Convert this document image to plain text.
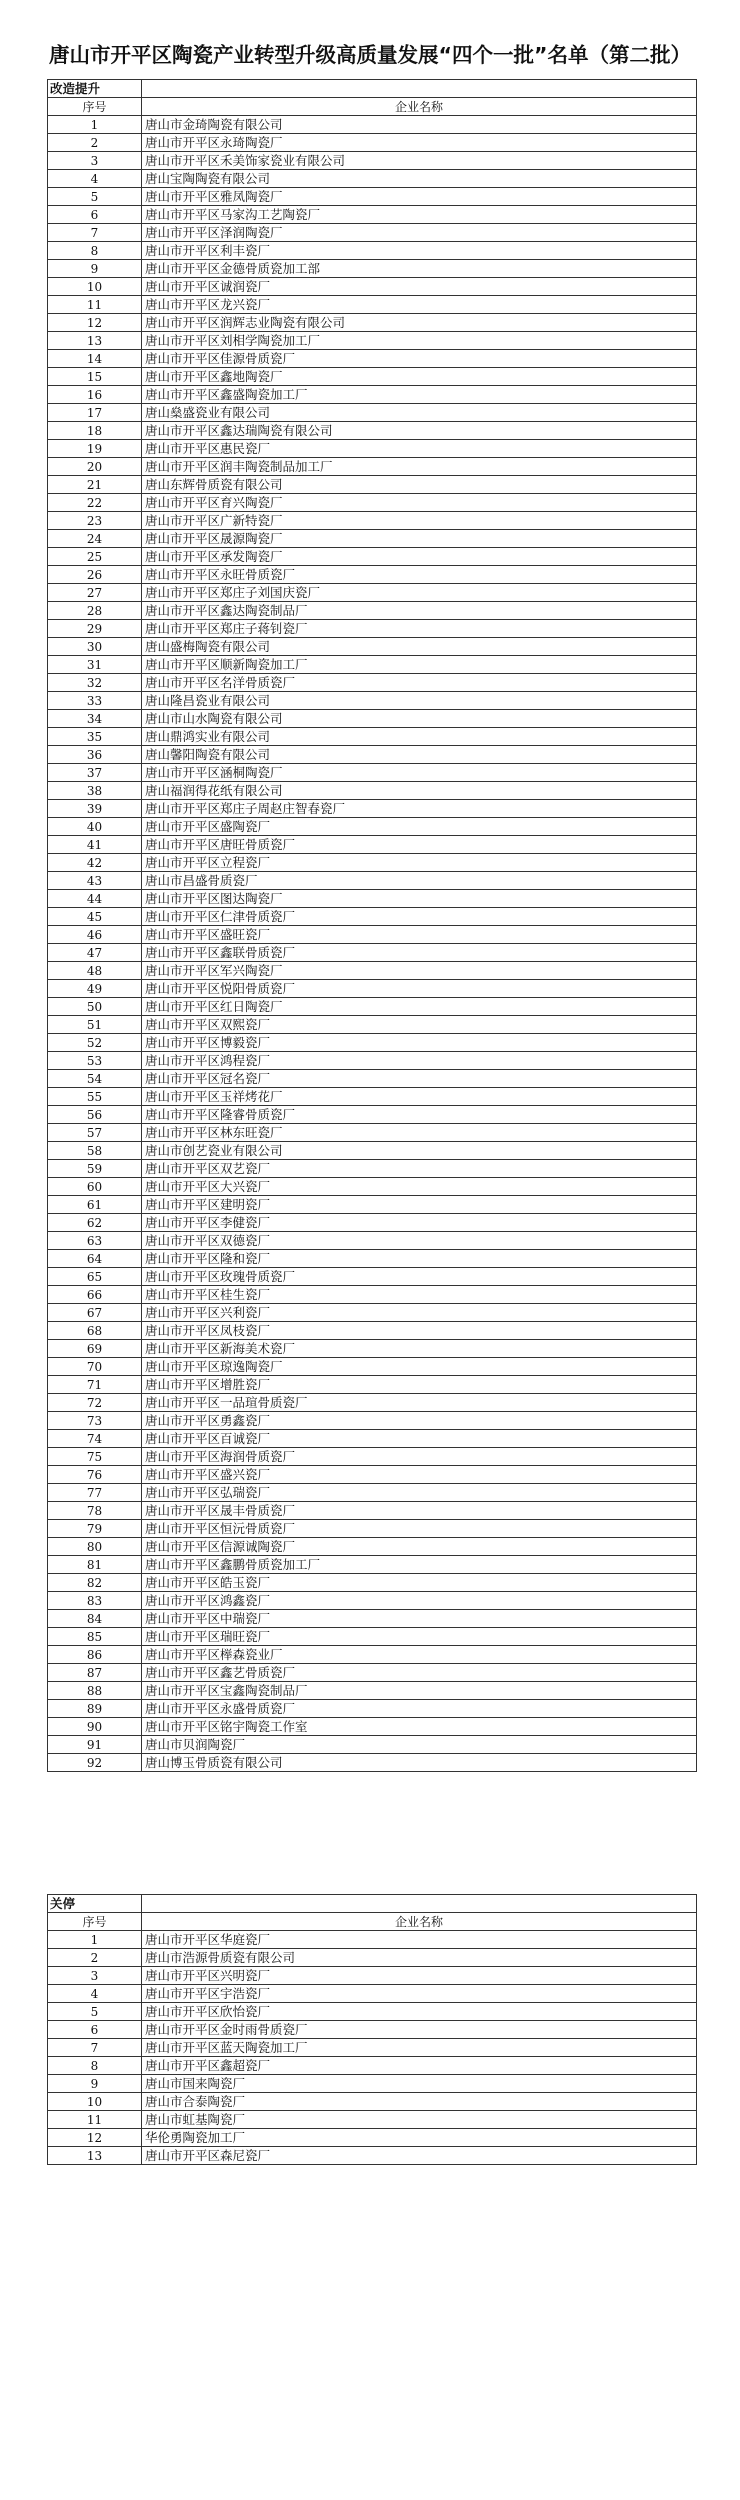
唐山市开平区陶瓷产业转型升级高质量发展“四个一批”名单（第二批）
改造提升	
序号	企业名称
1	唐山市金琦陶瓷有限公司
2	唐山市开平区永琦陶瓷厂
3	唐山市开平区禾美饰家瓷业有限公司
4	唐山宝陶陶瓷有限公司
5	唐山市开平区雅凤陶瓷厂
6	唐山市开平区马家沟工艺陶瓷厂
7	唐山市开平区泽润陶瓷厂
8	唐山市开平区利丰瓷厂
9	唐山市开平区金德骨质瓷加工部
10	唐山市开平区诚润瓷厂
11	唐山市开平区龙兴瓷厂
12	唐山市开平区润辉志业陶瓷有限公司
13	唐山市开平区刘相学陶瓷加工厂
14	唐山市开平区佳源骨质瓷厂
15	唐山市开平区鑫地陶瓷厂
16	唐山市开平区鑫盛陶瓷加工厂
17	唐山燊盛瓷业有限公司
18	唐山市开平区鑫达瑞陶瓷有限公司
19	唐山市开平区惠民瓷厂
20	唐山市开平区润丰陶瓷制品加工厂
21	唐山东辉骨质瓷有限公司
22	唐山市开平区育兴陶瓷厂
23	唐山市开平区广新特瓷厂
24	唐山市开平区晟源陶瓷厂
25	唐山市开平区承发陶瓷厂
26	唐山市开平区永旺骨质瓷厂
27	唐山市开平区郑庄子刘国庆瓷厂
28	唐山市开平区鑫达陶瓷制品厂
29	唐山市开平区郑庄子蒋钊瓷厂
30	唐山盛梅陶瓷有限公司
31	唐山市开平区顺新陶瓷加工厂
32	唐山市开平区名洋骨质瓷厂
33	唐山隆昌瓷业有限公司
34	唐山市山水陶瓷有限公司
35	唐山鼎鸿实业有限公司
36	唐山馨阳陶瓷有限公司
37	唐山市开平区涵桐陶瓷厂
38	唐山福润得花纸有限公司
39	唐山市开平区郑庄子周赵庄智春瓷厂
40	唐山市开平区盛陶瓷厂
41	唐山市开平区唐旺骨质瓷厂
42	唐山市开平区立程瓷厂
43	唐山市昌盛骨质瓷厂
44	唐山市开平区图达陶瓷厂
45	唐山市开平区仁津骨质瓷厂
46	唐山市开平区盛旺瓷厂
47	唐山市开平区鑫联骨质瓷厂
48	唐山市开平区军兴陶瓷厂
49	唐山市开平区悦阳骨质瓷厂
50	唐山市开平区红日陶瓷厂
51	唐山市开平区双熙瓷厂
52	唐山市开平区博毅瓷厂
53	唐山市开平区鸿程瓷厂
54	唐山市开平区冠名瓷厂
55	唐山市开平区玉祥烤花厂
56	唐山市开平区隆睿骨质瓷厂
57	唐山市开平区林东旺瓷厂
58	唐山市创艺瓷业有限公司
59	唐山市开平区双艺瓷厂
60	唐山市开平区大兴瓷厂
61	唐山市开平区建明瓷厂
62	唐山市开平区李健瓷厂
63	唐山市开平区双德瓷厂
64	唐山市开平区隆和瓷厂
65	唐山市开平区玫瑰骨质瓷厂
66	唐山市开平区桂生瓷厂
67	唐山市开平区兴利瓷厂
68	唐山市开平区凤枝瓷厂
69	唐山市开平区新海美术瓷厂
70	唐山市开平区琼逸陶瓷厂
71	唐山市开平区增胜瓷厂
72	唐山市开平区一品瑄骨质瓷厂
73	唐山市开平区勇鑫瓷厂
74	唐山市开平区百诚瓷厂
75	唐山市开平区海润骨质瓷厂
76	唐山市开平区盛兴瓷厂
77	唐山市开平区弘瑞瓷厂
78	唐山市开平区晟丰骨质瓷厂
79	唐山市开平区恒沅骨质瓷厂
80	唐山市开平区信源诚陶瓷厂
81	唐山市开平区鑫鹏骨质瓷加工厂
82	唐山市开平区皓玉瓷厂
83	唐山市开平区鸿鑫瓷厂
84	唐山市开平区中瑞瓷厂
85	唐山市开平区瑞旺瓷厂
86	唐山市开平区榉森瓷业厂
87	唐山市开平区鑫艺骨质瓷厂
88	唐山市开平区宝鑫陶瓷制品厂
89	唐山市开平区永盛骨质瓷厂
90	唐山市开平区铭宇陶瓷工作室
91	唐山市贝润陶瓷厂
92	唐山博玉骨质瓷有限公司
关停	
序号	企业名称
1	唐山市开平区华庭瓷厂
2	唐山市浩源骨质瓷有限公司
3	唐山市开平区兴明瓷厂
4	唐山市开平区宇浩瓷厂
5	唐山市开平区欣怡瓷厂
6	唐山市开平区金时雨骨质瓷厂
7	唐山市开平区蓝天陶瓷加工厂
8	唐山市开平区鑫超瓷厂
9	唐山市国来陶瓷厂
10	唐山市合泰陶瓷厂
11	唐山市虹基陶瓷厂
12	华伦勇陶瓷加工厂
13	唐山市开平区森尼瓷厂
